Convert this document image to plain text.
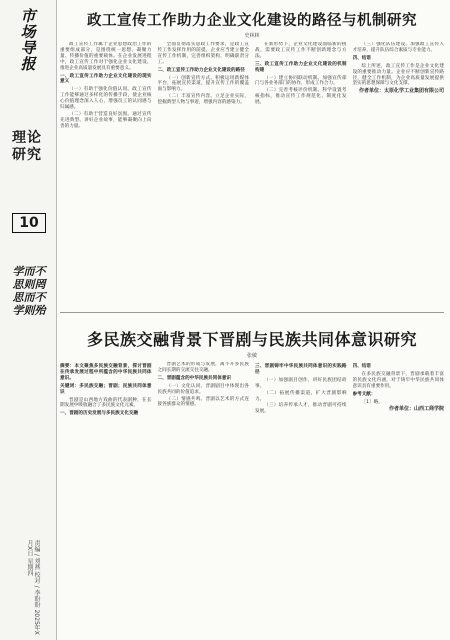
市
场
导
报
理论研究
10
学而不思则罔 思而不学则殆
责编 / 刘燕 校对 / 李盼盼 2025年X月X日 星期四
政工宣传工作助力企业文化建设的路径与机制研究
史林林

政工宣传工作属于企业思想政治工作的重要组成部分，是围绕统一思想、凝聚力量、传播价值的重要载体。在企业发展进程中，政工宣传工作对于强化企业文化建设、推进企业高质量发展具有重要意义。

一、政工宣传工作助力企业文化建设的现实意义

（一）有助于强化价值认同。政工宣传工作能够通过多样化的传播手段，使企业核心价值理念深入人心，增强员工的认同感与归属感。

（二）有助于营造良好氛围。通过宣传先进典型、讲好企业故事，能够凝聚向上向善的力量。

全面贯彻落实思政工作要求，是政工宣传工作发挥作用的前提。企业应当建立健全宣传工作机制，完善组织架构，明确职责分工。

二、政工宣传工作助力企业文化建设的路径

（一）创新宣传方式。积极运用新媒体平台，拓展宣传渠道，提升宣传工作的覆盖面与影响力。

（二）丰富宣传内容。立足企业实际，挖掘典型人物与事迹，增强内容的感染力。

在新形势下，企业文化建设面临新的挑战，需要政工宣传工作不断创新理念与方法。

三、政工宣传工作助力企业文化建设的机制构建

（一）建立协同联动机制。加强宣传部门与各业务部门的协作，形成工作合力。

（二）完善考核评价机制。科学设置考核指标，推动宣传工作规范化、制度化发展。

（三）强化队伍建设。加强政工宣传人才培养，提升队伍综合素质与专业能力。

四、结语

综上所述，政工宣传工作是企业文化建设的重要推动力量。企业应不断创新宣传路径，健全工作机制，为企业高质量发展提供坚实的思想保障与文化支撑。

作者单位：太原化学工业集团有限公司
多民族交融背景下晋剧与民族共同体意识研究
张敏

摘要：本文聚焦多民族交融背景，探讨晋剧在传承发展过程中所蕴含的中华民族共同体意识。

关键词：多民族交融；晋剧；民族共同体意识

晋剧是山西地方戏曲的代表剧种，在长期发展中吸收融合了多民族文化元素。

一、晋剧的历史发展与多民族文化交融

晋剧艺术的形成与发展，离不开多民族之间长期的交流交往交融。

二、晋剧蕴含的中华民族共同体意识

（一）文化认同。晋剧剧目中体现出各民族共同的价值追求。

（二）情感共鸣。晋剧以艺术的方式连接各族群众的情感。

三、晋剧铸牢中华民族共同体意识的实践路径

（一）加强剧目创作，讲好民族团结故事。

（二）拓展传播渠道，扩大晋剧影响力。

（三）培养传承人才，推动晋剧可持续发展。

四、结语

在多民族交融背景下，晋剧承载着丰富的民族文化内涵，对于铸牢中华民族共同体意识具有重要作用。

参考文献：

［1］略。

作者单位：山西工商学院
